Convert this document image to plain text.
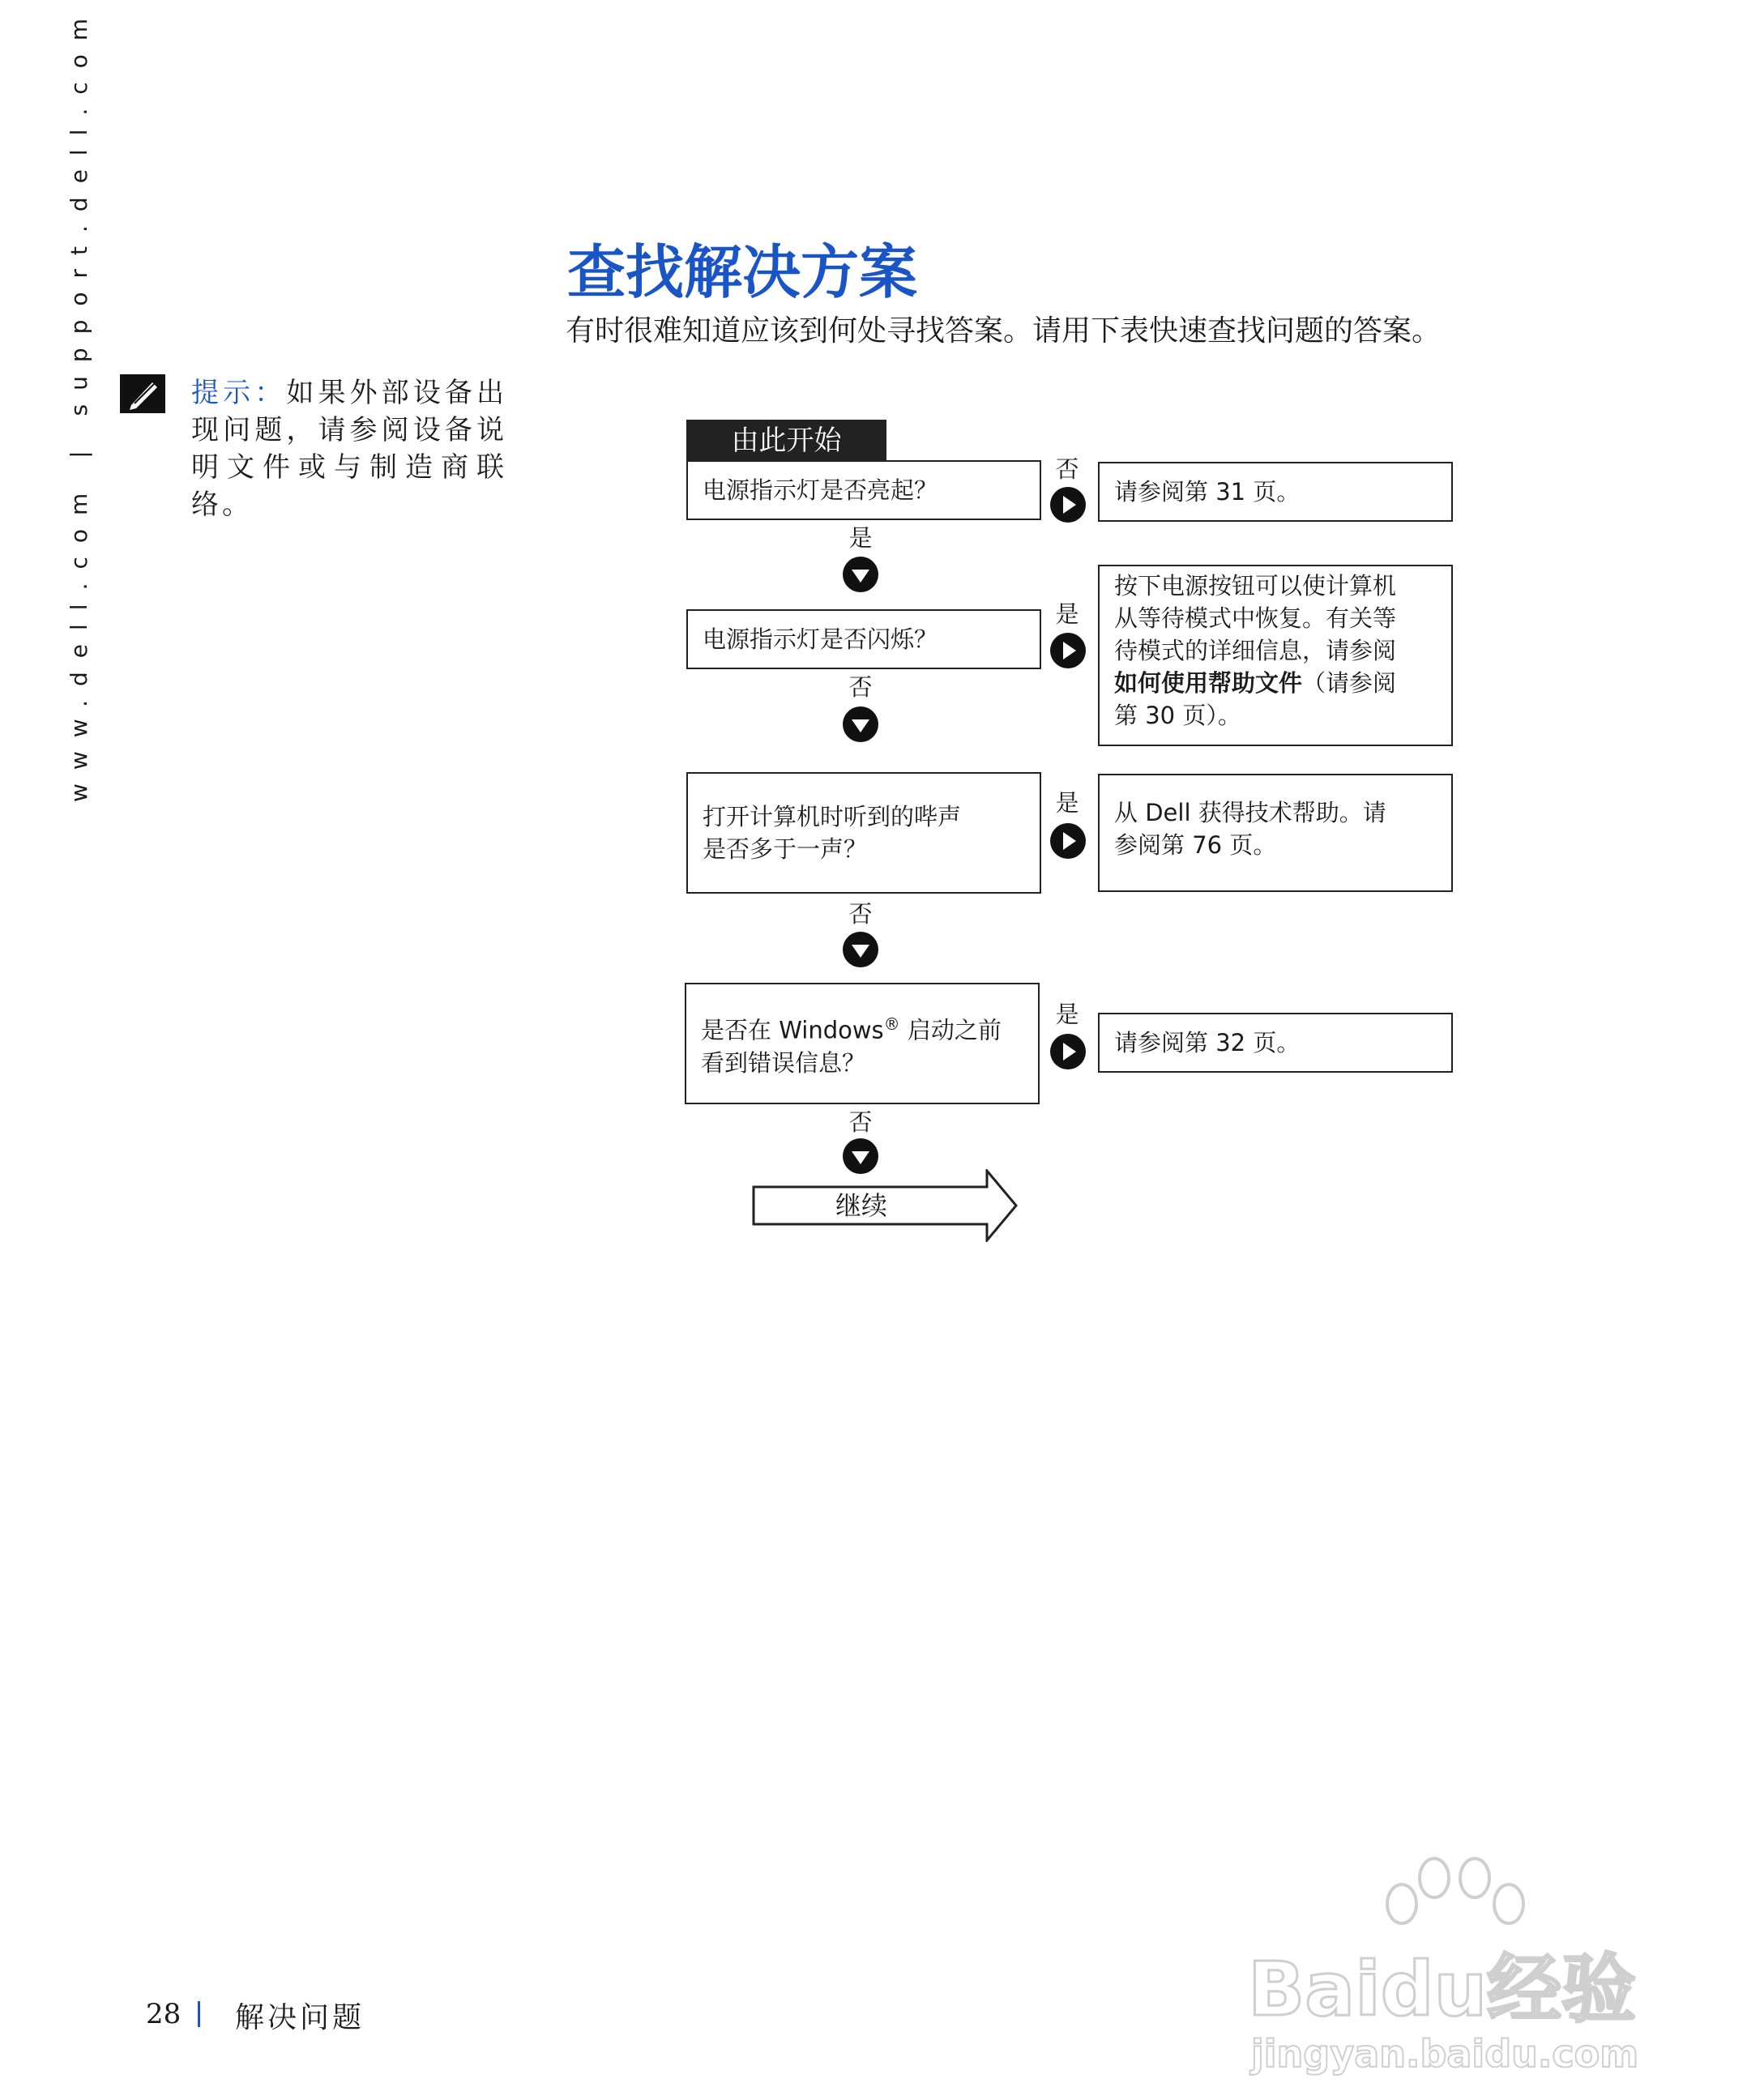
www.dell.com | support.dell.com	提示：如果外部设备出现问题，请参阅设备说明文件或与制造商联络。
查找解决方案
有时很难知道应该到何处寻找答案。请用下表快速查找问题的答案。
由此开始
电源指示灯是否亮起？
否
请参阅第 31 页。
是
电源指示灯是否闪烁？
是
按下电源按钮可以使计算机
从等待模式中恢复。有关等
待模式的详细信息，请参阅
如何使用帮助文件（请参阅
第 30 页）。
否
打开计算机时听到的哔声
是否多于一声？
是 从 Dell 获得技术帮助。请
参阅第 76 页。
否
是否在 Windows® 启动之前
看到错误信息？
是
请参阅第 32 页。
否
继续
28 解决问题	Baidu经验
jingyan.baidu.com
